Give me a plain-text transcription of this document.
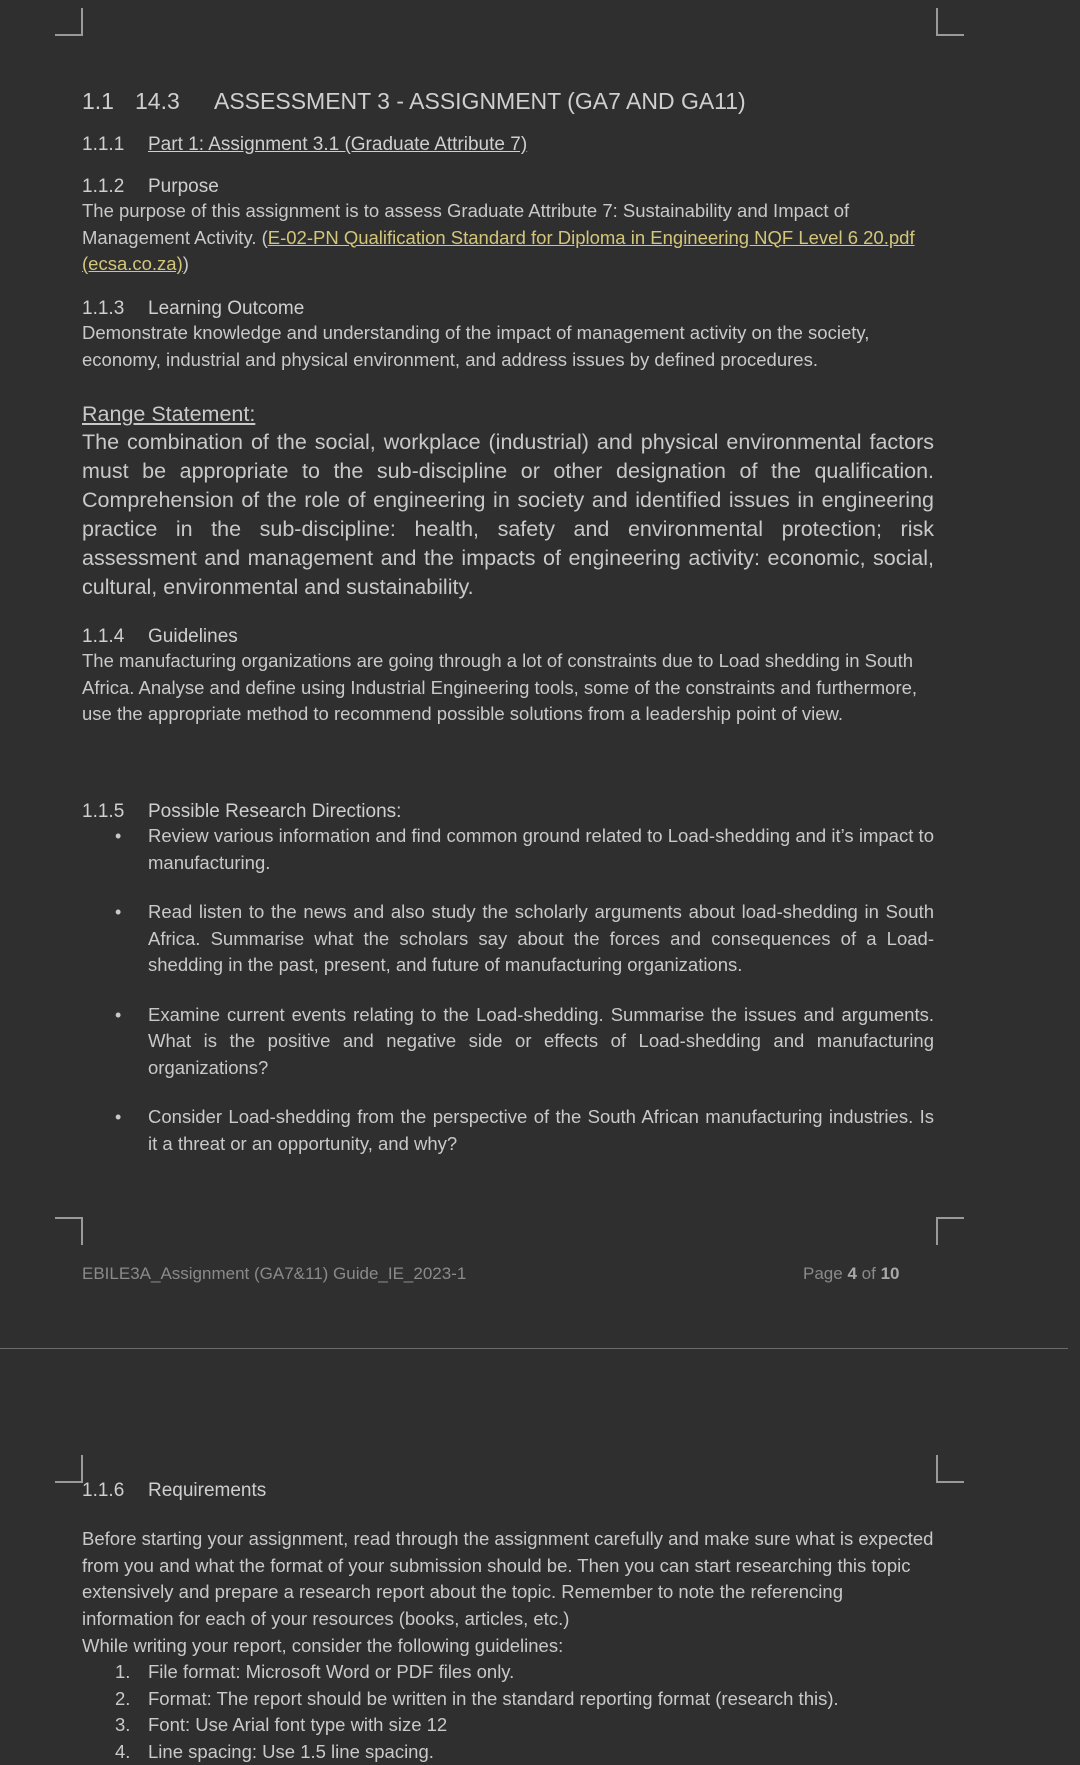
1.1 14.3 ASSESSMENT 3 - ASSIGNMENT (GA7 AND GA11)
1.1.1 Part 1: Assignment 3.1 (Graduate Attribute 7)
1.1.2 Purpose
The purpose of this assignment is to assess Graduate Attribute 7: Sustainability and Impact of Management Activity. (E-02-PN Qualification Standard for Diploma in Engineering NQF Level 6 20.pdf (ecsa.co.za))
1.1.3 Learning Outcome
Demonstrate knowledge and understanding of the impact of management activity on the society, economy, industrial and physical environment, and address issues by defined procedures.
Range Statement:
The combination of the social, workplace (industrial) and physical environmental factors must be appropriate to the sub-discipline or other designation of the qualification. Comprehension of the role of engineering in society and identified issues in engineering practice in the sub-discipline: health, safety and environmental protection; risk assessment and management and the impacts of engineering activity: economic, social, cultural, environmental and sustainability.
1.1.4 Guidelines
The manufacturing organizations are going through a lot of constraints due to Load shedding in South Africa. Analyse and define using Industrial Engineering tools, some of the constraints and furthermore, use the appropriate method to recommend possible solutions from a leadership point of view.
1.1.5 Possible Research Directions:
• Review various information and find common ground related to Load-shedding and it’s impact to manufacturing.
• Read listen to the news and also study the scholarly arguments about load-shedding in South Africa. Summarise what the scholars say about the forces and consequences of a Load-shedding in the past, present, and future of manufacturing organizations.
• Examine current events relating to the Load-shedding. Summarise the issues and arguments. What is the positive and negative side or effects of Load-shedding and manufacturing organizations?
• Consider Load-shedding from the perspective of the South African manufacturing industries. Is it a threat or an opportunity, and why?
EBILE3A_Assignment (GA7&11) Guide_IE_2023-1	Page 4 of 10
1.1.6 Requirements
Before starting your assignment, read through the assignment carefully and make sure what is expected from you and what the format of your submission should be. Then you can start researching this topic extensively and prepare a research report about the topic. Remember to note the referencing information for each of your resources (books, articles, etc.)
While writing your report, consider the following guidelines:
1. File format: Microsoft Word or PDF files only.
2. Format: The report should be written in the standard reporting format (research this).
3. Font: Use Arial font type with size 12
4. Line spacing: Use 1.5 line spacing.
